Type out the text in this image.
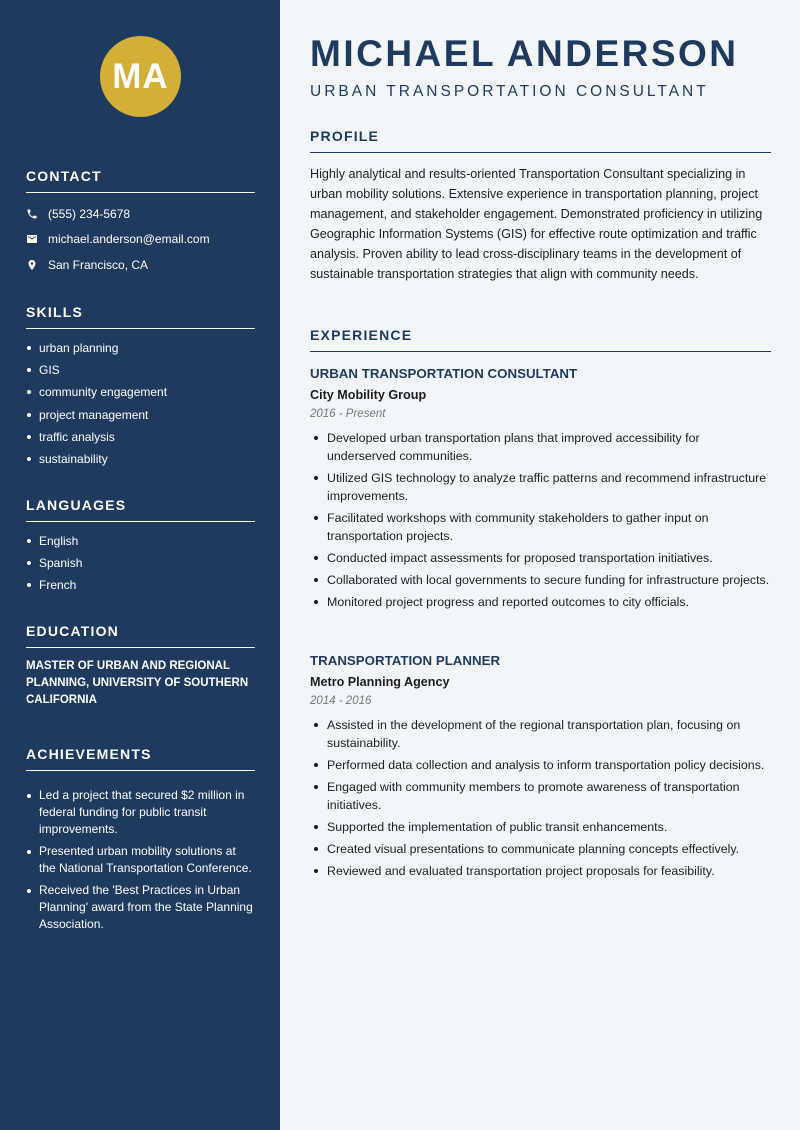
MA
CONTACT
(555) 234-5678
michael.anderson@email.com
San Francisco, CA
SKILLS
urban planning
GIS
community engagement
project management
traffic analysis
sustainability
LANGUAGES
English
Spanish
French
EDUCATION
MASTER OF URBAN AND REGIONAL PLANNING, UNIVERSITY OF SOUTHERN CALIFORNIA
ACHIEVEMENTS
Led a project that secured $2 million in federal funding for public transit improvements.
Presented urban mobility solutions at the National Transportation Conference.
Received the 'Best Practices in Urban Planning' award from the State Planning Association.
MICHAEL ANDERSON
URBAN TRANSPORTATION CONSULTANT
PROFILE
Highly analytical and results-oriented Transportation Consultant specializing in urban mobility solutions. Extensive experience in transportation planning, project management, and stakeholder engagement. Demonstrated proficiency in utilizing Geographic Information Systems (GIS) for effective route optimization and traffic analysis. Proven ability to lead cross-disciplinary teams in the development of sustainable transportation strategies that align with community needs.
EXPERIENCE
URBAN TRANSPORTATION CONSULTANT
City Mobility Group
2016 - Present
Developed urban transportation plans that improved accessibility for underserved communities.
Utilized GIS technology to analyze traffic patterns and recommend infrastructure improvements.
Facilitated workshops with community stakeholders to gather input on transportation projects.
Conducted impact assessments for proposed transportation initiatives.
Collaborated with local governments to secure funding for infrastructure projects.
Monitored project progress and reported outcomes to city officials.
TRANSPORTATION PLANNER
Metro Planning Agency
2014 - 2016
Assisted in the development of the regional transportation plan, focusing on sustainability.
Performed data collection and analysis to inform transportation policy decisions.
Engaged with community members to promote awareness of transportation initiatives.
Supported the implementation of public transit enhancements.
Created visual presentations to communicate planning concepts effectively.
Reviewed and evaluated transportation project proposals for feasibility.
